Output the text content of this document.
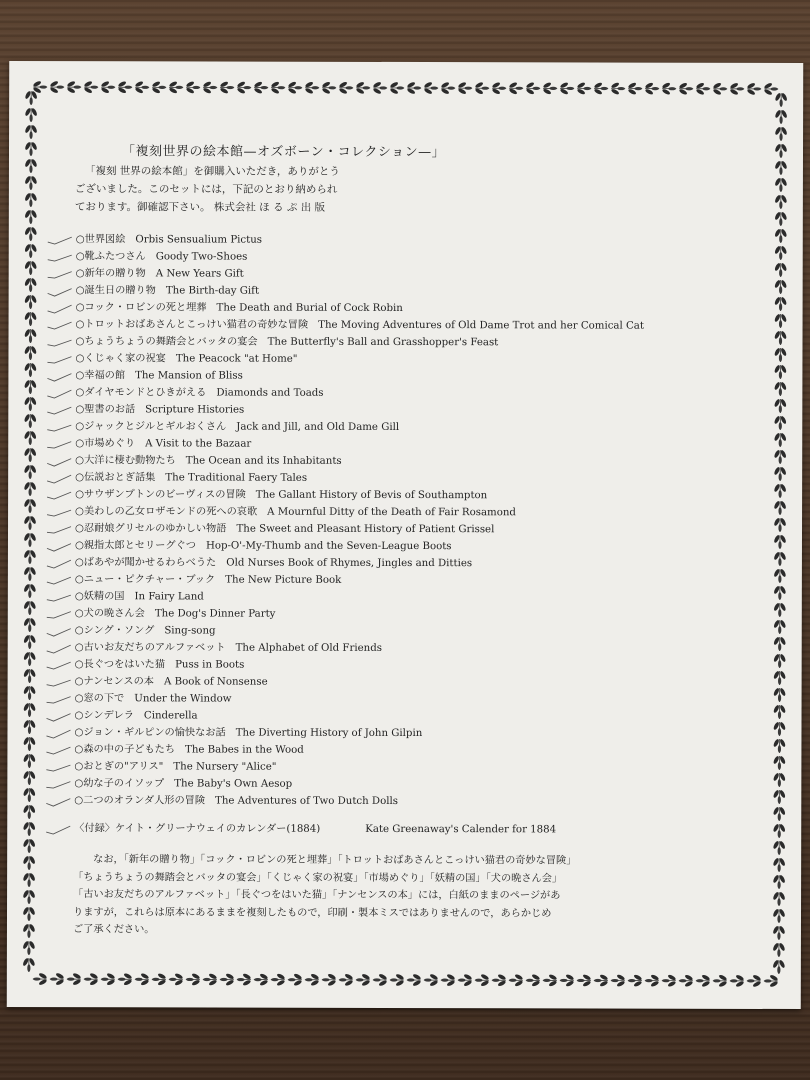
「複刻世界の絵本館—オズボーン・コレクション—」
「複刻 世界の絵本館」を御購入いただき，ありがとう
ございました。このセットには，下記のとおり納められ
ております。御確認下さい。 株式会社 ほ る ぷ 出 版
○世界図絵 Orbis Sensualium Pictus
○靴ふたつさん Goody Two-Shoes
○新年の贈り物 A New Years Gift
○誕生日の贈り物 The Birth-day Gift
○コック・ロビンの死と埋葬 The Death and Burial of Cock Robin
○トロットおばあさんとこっけい猫君の奇妙な冒険 The Moving Adventures of Old Dame Trot and her Comical Cat
○ちょうちょうの舞踏会とバッタの宴会 The Butterfly's Ball and Grasshopper's Feast
○くじゃく家の祝宴 The Peacock "at Home"
○幸福の館 The Mansion of Bliss
○ダイヤモンドとひきがえる Diamonds and Toads
○聖書のお話 Scripture Histories
○ジャックとジルとギルおくさん Jack and Jill, and Old Dame Gill
○市場めぐり A Visit to the Bazaar
○大洋に棲む動物たち The Ocean and its Inhabitants
○伝説おとぎ話集 The Traditional Faery Tales
○サウザンプトンのビーヴィスの冒険 The Gallant History of Bevis of Southampton
○美わしの乙女ロザモンドの死への哀歌 A Mournful Ditty of the Death of Fair Rosamond
○忍耐娘グリセルのゆかしい物語 The Sweet and Pleasant History of Patient Grissel
○親指太郎とセリーグぐつ Hop-O'-My-Thumb and the Seven-League Boots
○ばあやが聞かせるわらべうた Old Nurses Book of Rhymes, Jingles and Ditties
○ニュー・ピクチャー・ブック The New Picture Book
○妖精の国 In Fairy Land
○犬の晩さん会 The Dog's Dinner Party
○シング・ソング Sing-song
○古いお友だちのアルファベット The Alphabet of Old Friends
○長ぐつをはいた猫 Puss in Boots
○ナンセンスの本 A Book of Nonsense
○窓の下で Under the Window
○シンデレラ Cinderella
○ジョン・ギルピンの愉快なお話 The Diverting History of John Gilpin
○森の中の子どもたち The Babes in the Wood
○おとぎの"アリス" The Nursery "Alice"
○幼な子のイソップ The Baby's Own Aesop
○二つのオランダ人形の冒険 The Adventures of Two Dutch Dolls
〈付録〉ケイト・グリーナウェイのカレンダー(1884)	Kate Greenaway's Calender for 1884
なお，「新年の贈り物」「コック・ロビンの死と埋葬」「トロットおばあさんとこっけい猫君の奇妙な冒険」
「ちょうちょうの舞踏会とバッタの宴会」「くじゃく家の祝宴」「市場めぐり」「妖精の国」「犬の晩さん会」
「古いお友だちのアルファベット」「長ぐつをはいた猫」「ナンセンスの本」には，白紙のままのページがあ
りますが，これらは原本にあるままを複刻したもので，印刷・製本ミスではありませんので，あらかじめ
ご了承ください。
